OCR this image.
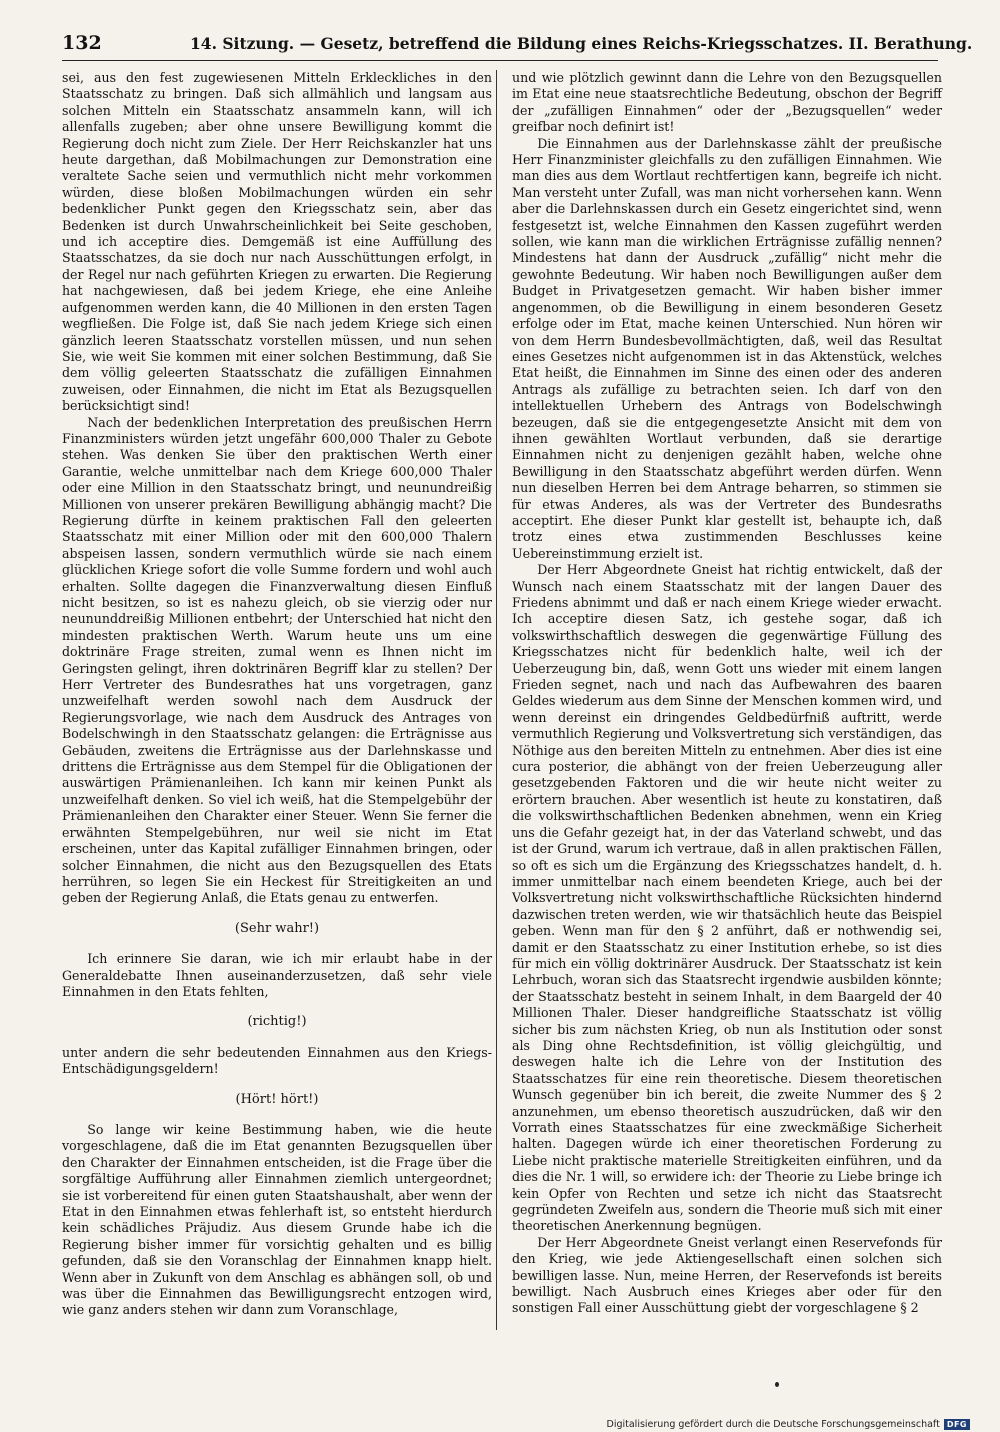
132	14. Sitzung. — Gesetz, betreffend die Bildung eines Reichs-Kriegsschatzes. II. Berathung.

sei, aus den fest zugewiesenen Mitteln Erkleckliches in den Staatsschatz zu bringen. Daß sich allmählich und langsam aus solchen Mitteln ein Staatsschatz ansammeln kann, will ich allenfalls zugeben; aber ohne unsere Bewilligung kommt die Regierung doch nicht zum Ziele. Der Herr Reichskanzler hat uns heute dargethan, daß Mobilmachungen zur Demonstration eine veraltete Sache seien und vermuthlich nicht mehr vorkommen würden, diese bloßen Mobilmachungen würden ein sehr bedenklicher Punkt gegen den Kriegsschatz sein, aber das Bedenken ist durch Unwahrscheinlichkeit bei Seite geschoben, und ich acceptire dies. Demgemäß ist eine Auffüllung des Staatsschatzes, da sie doch nur nach Ausschüttungen erfolgt, in der Regel nur nach geführten Kriegen zu erwarten. Die Regierung hat nachgewiesen, daß bei jedem Kriege, ehe eine Anleihe aufgenommen werden kann, die 40 Millionen in den ersten Tagen wegfließen. Die Folge ist, daß Sie nach jedem Kriege sich einen gänzlich leeren Staatsschatz vorstellen müssen, und nun sehen Sie, wie weit Sie kommen mit einer solchen Bestimmung, daß Sie dem völlig geleerten Staatsschatz die zufälligen Einnahmen zuweisen, oder Einnahmen, die nicht im Etat als Bezugsquellen berücksichtigt sind!

Nach der bedenklichen Interpretation des preußischen Herrn Finanzministers würden jetzt ungefähr 600,000 Thaler zu Gebote stehen. Was denken Sie über den praktischen Werth einer Garantie, welche unmittelbar nach dem Kriege 600,000 Thaler oder eine Million in den Staatsschatz bringt, und neunundreißig Millionen von unserer prekären Bewilligung abhängig macht? Die Regierung dürfte in keinem praktischen Fall den geleerten Staatsschatz mit einer Million oder mit den 600,000 Thalern abspeisen lassen, sondern vermuthlich würde sie nach einem glücklichen Kriege sofort die volle Summe fordern und wohl auch erhalten. Sollte dagegen die Finanzverwaltung diesen Einfluß nicht besitzen, so ist es nahezu gleich, ob sie vierzig oder nur neununddreißig Millionen entbehrt; der Unterschied hat nicht den mindesten praktischen Werth. Warum heute uns um eine doktrinäre Frage streiten, zumal wenn es Ihnen nicht im Geringsten gelingt, ihren doktrinären Begriff klar zu stellen? Der Herr Vertreter des Bundesrathes hat uns vorgetragen, ganz unzweifelhaft werden sowohl nach dem Ausdruck der Regierungsvorlage, wie nach dem Ausdruck des Antrages von Bodelschwingh in den Staatsschatz gelangen: die Erträgnisse aus Gebäuden, zweitens die Erträgnisse aus der Darlehnskasse und drittens die Erträgnisse aus dem Stempel für die Obligationen der auswärtigen Prämienanleihen. Ich kann mir keinen Punkt als unzweifelhaft denken. So viel ich weiß, hat die Stempelgebühr der Prämienanleihen den Charakter einer Steuer. Wenn Sie ferner die erwähnten Stempelgebühren, nur weil sie nicht im Etat erscheinen, unter das Kapital zufälliger Einnahmen bringen, oder solcher Einnahmen, die nicht aus den Bezugsquellen des Etats herrühren, so legen Sie ein Heckest für Streitigkeiten an und geben der Regierung Anlaß, die Etats genau zu entwerfen.

(Sehr wahr!)

Ich erinnere Sie daran, wie ich mir erlaubt habe in der Generaldebatte Ihnen auseinanderzusetzen, daß sehr viele Einnahmen in den Etats fehlten,

(richtig!)

unter andern die sehr bedeutenden Einnahmen aus den Kriegs-Entschädigungsgeldern!

(Hört! hört!)

So lange wir keine Bestimmung haben, wie die heute vorgeschlagene, daß die im Etat genannten Bezugsquellen über den Charakter der Einnahmen entscheiden, ist die Frage über die sorgfältige Aufführung aller Einnahmen ziemlich untergeordnet; sie ist vorbereitend für einen guten Staatshaushalt, aber wenn der Etat in den Einnahmen etwas fehlerhaft ist, so entsteht hierdurch kein schädliches Präjudiz. Aus diesem Grunde habe ich die Regierung bisher immer für vorsichtig gehalten und es billig gefunden, daß sie den Voranschlag der Einnahmen knapp hielt. Wenn aber in Zukunft von dem Anschlag es abhängen soll, ob und was über die Einnahmen das Bewilligungsrecht entzogen wird, wie ganz anders stehen wir dann zum Voranschlage,

und wie plötzlich gewinnt dann die Lehre von den Bezugsquellen im Etat eine neue staatsrechtliche Bedeutung, obschon der Begriff der „zufälligen Einnahmen“ oder der „Bezugsquellen“ weder greifbar noch definirt ist!

Die Einnahmen aus der Darlehnskasse zählt der preußische Herr Finanzminister gleichfalls zu den zufälligen Einnahmen. Wie man dies aus dem Wortlaut rechtfertigen kann, begreife ich nicht. Man versteht unter Zufall, was man nicht vorhersehen kann. Wenn aber die Darlehnskassen durch ein Gesetz eingerichtet sind, wenn festgesetzt ist, welche Einnahmen den Kassen zugeführt werden sollen, wie kann man die wirklichen Erträgnisse zufällig nennen? Mindestens hat dann der Ausdruck „zufällig“ nicht mehr die gewohnte Bedeutung. Wir haben noch Bewilligungen außer dem Budget in Privatgesetzen gemacht. Wir haben bisher immer angenommen, ob die Bewilligung in einem besonderen Gesetz erfolge oder im Etat, mache keinen Unterschied. Nun hören wir von dem Herrn Bundesbevollmächtigten, daß, weil das Resultat eines Gesetzes nicht aufgenommen ist in das Aktenstück, welches Etat heißt, die Einnahmen im Sinne des einen oder des anderen Antrags als zufällige zu betrachten seien. Ich darf von den intellektuellen Urhebern des Antrags von Bodelschwingh bezeugen, daß sie die entgegengesetzte Ansicht mit dem von ihnen gewählten Wortlaut verbunden, daß sie derartige Einnahmen nicht zu denjenigen gezählt haben, welche ohne Bewilligung in den Staatsschatz abgeführt werden dürfen. Wenn nun dieselben Herren bei dem Antrage beharren, so stimmen sie für etwas Anderes, als was der Vertreter des Bundesraths acceptirt. Ehe dieser Punkt klar gestellt ist, behaupte ich, daß trotz eines etwa zustimmenden Beschlusses keine Uebereinstimmung erzielt ist.

Der Herr Abgeordnete Gneist hat richtig entwickelt, daß der Wunsch nach einem Staatsschatz mit der langen Dauer des Friedens abnimmt und daß er nach einem Kriege wieder erwacht. Ich acceptire diesen Satz, ich gestehe sogar, daß ich volkswirthschaftlich deswegen die gegenwärtige Füllung des Kriegsschatzes nicht für bedenklich halte, weil ich der Ueberzeugung bin, daß, wenn Gott uns wieder mit einem langen Frieden segnet, nach und nach das Aufbewahren des baaren Geldes wiederum aus dem Sinne der Menschen kommen wird, und wenn dereinst ein dringendes Geldbedürfniß auftritt, werde vermuthlich Regierung und Volksvertretung sich verständigen, das Nöthige aus den bereiten Mitteln zu entnehmen. Aber dies ist eine cura posterior, die abhängt von der freien Ueberzeugung aller gesetzgebenden Faktoren und die wir heute nicht weiter zu erörtern brauchen. Aber wesentlich ist heute zu konstatiren, daß die volkswirthschaftlichen Bedenken abnehmen, wenn ein Krieg uns die Gefahr gezeigt hat, in der das Vaterland schwebt, und das ist der Grund, warum ich vertraue, daß in allen praktischen Fällen, so oft es sich um die Ergänzung des Kriegsschatzes handelt, d. h. immer unmittelbar nach einem beendeten Kriege, auch bei der Volksvertretung nicht volkswirthschaftliche Rücksichten hindernd dazwischen treten werden, wie wir thatsächlich heute das Beispiel geben. Wenn man für den § 2 anführt, daß er nothwendig sei, damit er den Staatsschatz zu einer Institution erhebe, so ist dies für mich ein völlig doktrinärer Ausdruck. Der Staatsschatz ist kein Lehrbuch, woran sich das Staatsrecht irgendwie ausbilden könnte; der Staatsschatz besteht in seinem Inhalt, in dem Baargeld der 40 Millionen Thaler. Dieser handgreifliche Staatsschatz ist völlig sicher bis zum nächsten Krieg, ob nun als Institution oder sonst als Ding ohne Rechtsdefinition, ist völlig gleichgültig, und deswegen halte ich die Lehre von der Institution des Staatsschatzes für eine rein theoretische. Diesem theoretischen Wunsch gegenüber bin ich bereit, die zweite Nummer des § 2 anzunehmen, um ebenso theoretisch auszudrücken, daß wir den Vorrath eines Staatsschatzes für eine zweckmäßige Sicherheit halten. Dagegen würde ich einer theoretischen Forderung zu Liebe nicht praktische materielle Streitigkeiten einführen, und da dies die Nr. 1 will, so erwidere ich: der Theorie zu Liebe bringe ich kein Opfer von Rechten und setze ich nicht das Staatsrecht gegründeten Zweifeln aus, sondern die Theorie muß sich mit einer theoretischen Anerkennung begnügen.

Der Herr Abgeordnete Gneist verlangt einen Reservefonds für den Krieg, wie jede Aktiengesellschaft einen solchen sich bewilligen lasse. Nun, meine Herren, der Reservefonds ist bereits bewilligt. Nach Ausbruch eines Krieges aber oder für den sonstigen Fall einer Ausschüttung giebt der vorgeschlagene § 2

Digitalisierung gefördert durch die Deutsche Forschungsgemeinschaft DFG
